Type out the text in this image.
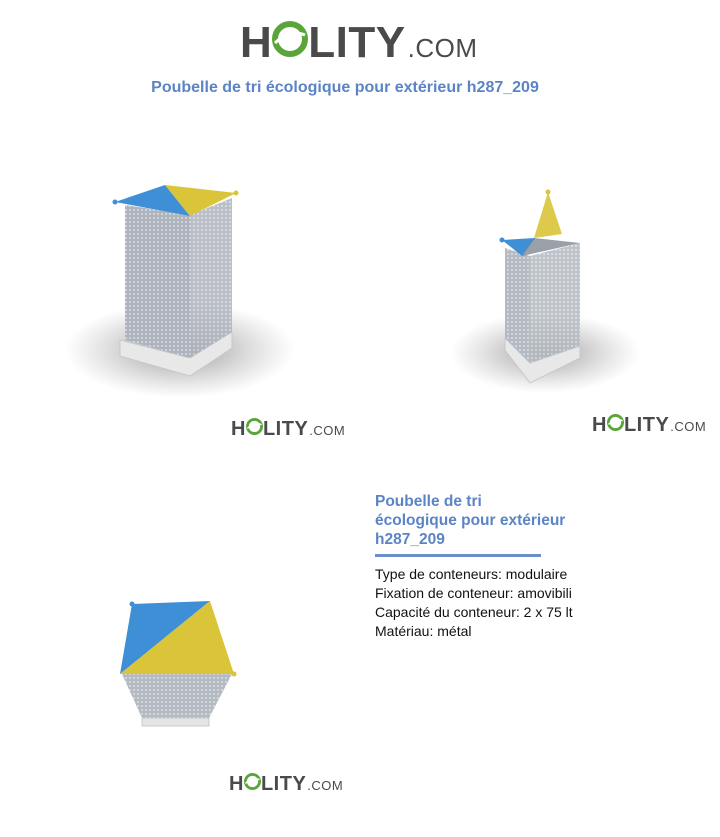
H LITY .COM
Poubelle de tri écologique pour extérieur h287_209
H LITY .COM	H LITY .COM
H LITY .COM
Poubelle de tri
écologique pour extérieur
h287_209
Type de conteneurs: modulaire
Fixation de conteneur: amovibili
Capacité du conteneur: 2 x 75 lt
Matériau: métal
